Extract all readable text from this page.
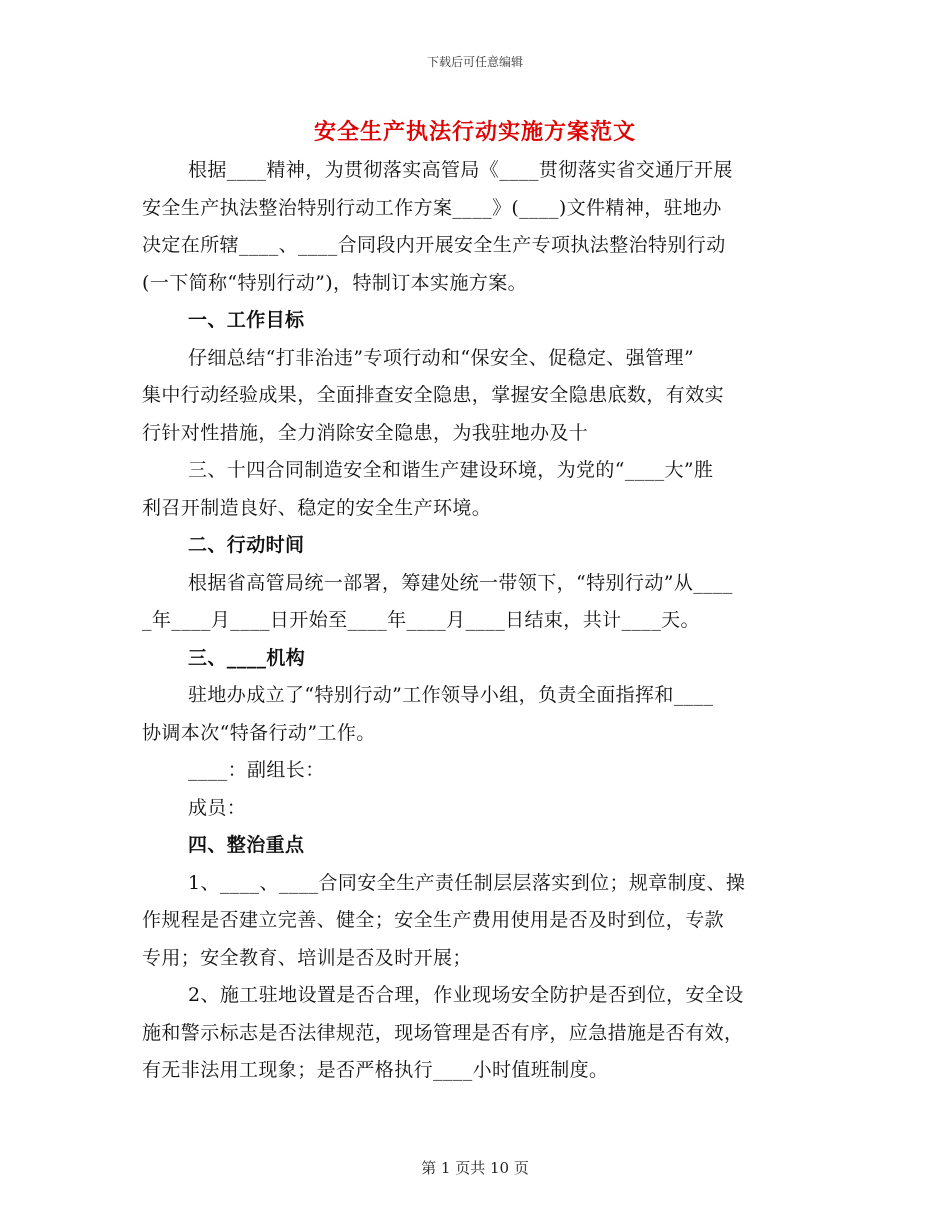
下载后可任意编辑
安全生产执法行动实施方案范文
根据____精神，为贯彻落实高管局《____贯彻落实省交通厅开展
安全生产执法整治特别行动工作方案____》(____)文件精神，驻地办
决定在所辖____、____合同段内开展安全生产专项执法整治特别行动
(一下简称“特别行动”)，特制订本实施方案。
一、工作目标
仔细总结“打非治违”专项行动和“保安全、促稳定、强管理”
集中行动经验成果，全面排查安全隐患，掌握安全隐患底数，有效实
行针对性措施，全力消除安全隐患，为我驻地办及十
三、十四合同制造安全和谐生产建设环境，为党的“____大”胜
利召开制造良好、稳定的安全生产环境。
二、行动时间
根据省高管局统一部署，筹建处统一带领下，“特别行动”从____
_年____月____日开始至____年____月____日结束，共计____天。
三、____机构
驻地办成立了“特别行动”工作领导小组，负责全面指挥和____
协调本次“特备行动”工作。
____：副组长：
成员：
四、整治重点
1、____、____合同安全生产责任制层层落实到位；规章制度、操
作规程是否建立完善、健全；安全生产费用使用是否及时到位，专款
专用；安全教育、培训是否及时开展；
2、施工驻地设置是否合理，作业现场安全防护是否到位，安全设
施和警示标志是否法律规范，现场管理是否有序，应急措施是否有效，
有无非法用工现象；是否严格执行____小时值班制度。
第 1 页共 10 页
